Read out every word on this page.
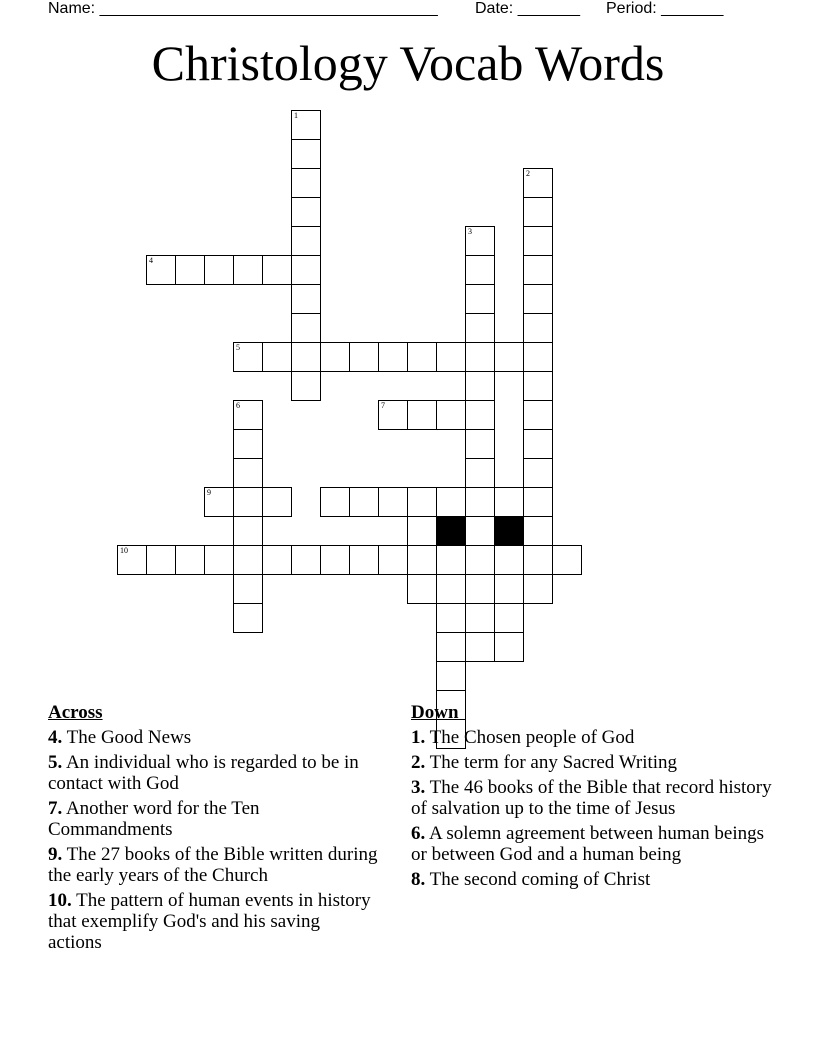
Name: ______________________________________

Date: _______

Period: _______

Christology Vocab Words
1
2
3
4
5
6	7
9
10
Across
4. The Good News
5. An individual who is regarded to be in contact with God
7. Another word for the Ten Commandments
9. The 27 books of the Bible written during the early years of the Church
10. The pattern of human events in history that exemplify God's and his saving actions
Down
1. The Chosen people of God
2. The term for any Sacred Writing
3. The 46 books of the Bible that record history of salvation up to the time of Jesus
6. A solemn agreement between human beings or between God and a human being
8. The second coming of Christ
